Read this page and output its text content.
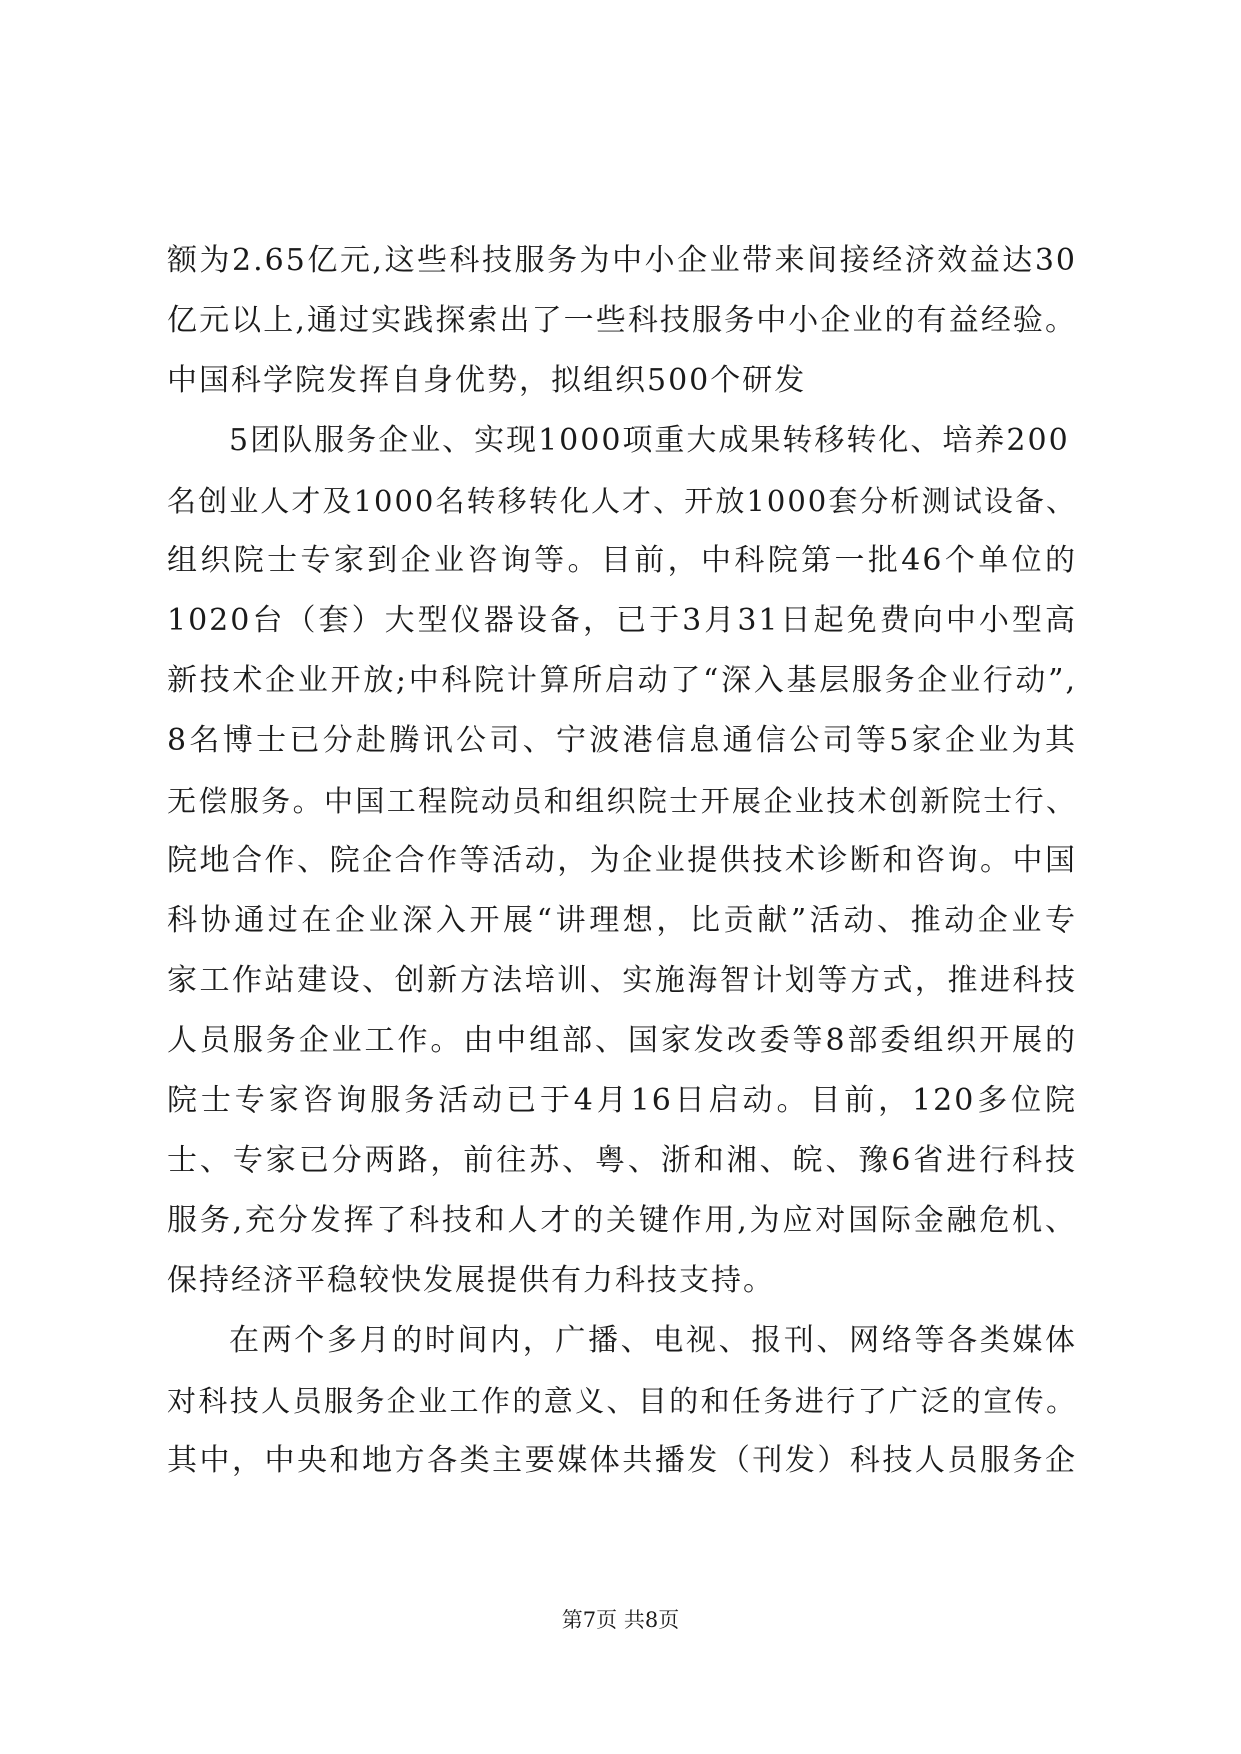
额为2.65亿元,这些科技服务为中小企业带来间接经济效益达30
亿元以上,通过实践探索出了一些科技服务中小企业的有益经验。
中国科学院发挥自身优势，拟组织500个研发
5团队服务企业、实现1000项重大成果转移转化、培养200
名创业人才及1000名转移转化人才、开放1000套分析测试设备、
组织院士专家到企业咨询等。目前，中科院第一批46个单位的
1020台（套）大型仪器设备，已于3月31日起免费向中小型高
新技术企业开放;中科院计算所启动了“深入基层服务企业行动”,
8名博士已分赴腾讯公司、宁波港信息通信公司等5家企业为其
无偿服务。中国工程院动员和组织院士开展企业技术创新院士行、
院地合作、院企合作等活动，为企业提供技术诊断和咨询。中国
科协通过在企业深入开展“讲理想，比贡献”活动、推动企业专
家工作站建设、创新方法培训、实施海智计划等方式，推进科技
人员服务企业工作。由中组部、国家发改委等8部委组织开展的
院士专家咨询服务活动已于4月16日启动。目前，120多位院
士、专家已分两路，前往苏、粤、浙和湘、皖、豫6省进行科技
服务,充分发挥了科技和人才的关键作用,为应对国际金融危机、
保持经济平稳较快发展提供有力科技支持。
在两个多月的时间内，广播、电视、报刊、网络等各类媒体
对科技人员服务企业工作的意义、目的和任务进行了广泛的宣传。
其中，中央和地方各类主要媒体共播发（刊发）科技人员服务企
第7页 共8页
